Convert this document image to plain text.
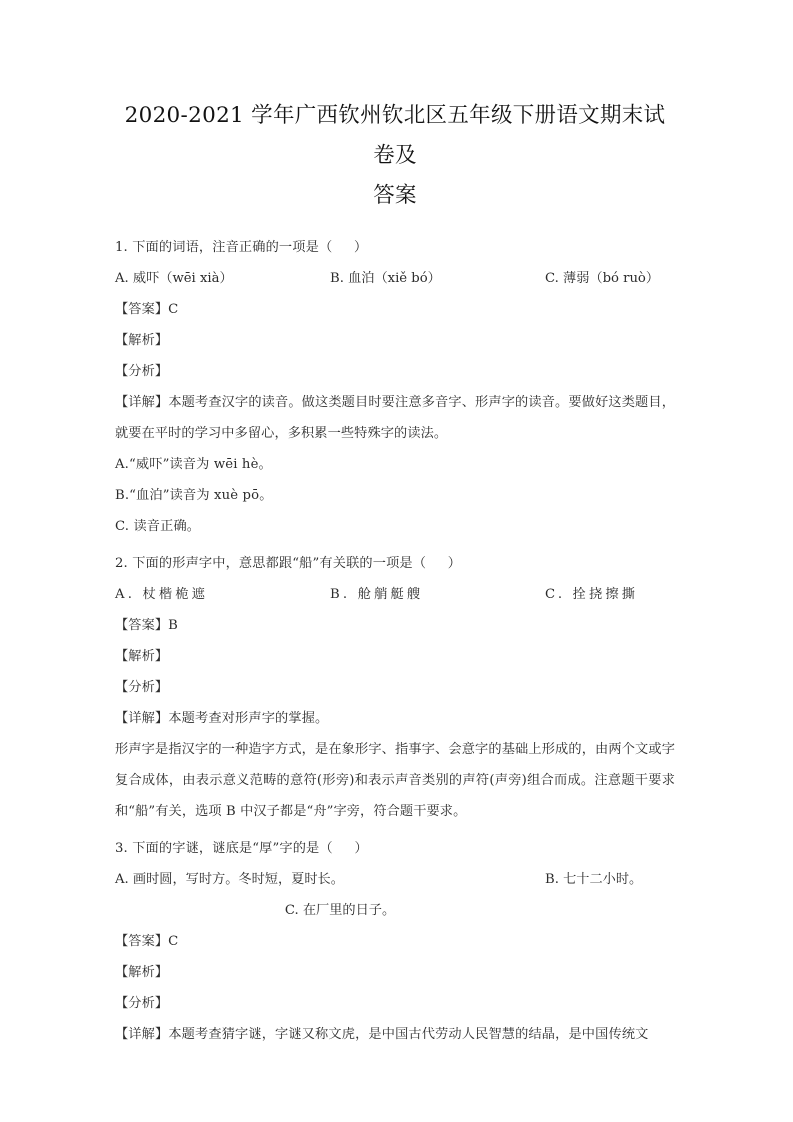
2020-2021 学年广西钦州钦北区五年级下册语文期末试卷及
答案
1. 下面的词语，注音正确的一项是（     ）
A. 威吓（wēi xià）	B. 血泊（xiě bó）	C. 薄弱（bó ruò）
【答案】C
【解析】
【分析】
【详解】本题考查汉字的读音。做这类题目时要注意多音字、形声字的读音。要做好这类题目，就要在平时的学习中多留心，多积累一些特殊字的读法。
A.“威吓”读音为 wēi hè。
B.“血泊”读音为 xuè pō。
C. 读音正确。
2. 下面的形声字中，意思都跟“船”有关联的一项是（     ）
A. 杖楷桅遮	B. 舱艄艇艘	C. 拴挠擦撕
【答案】B
【解析】
【分析】
【详解】本题考查对形声字的掌握。
形声字是指汉字的一种造字方式，是在象形字、指事字、会意字的基础上形成的，由两个文或字复合成体，由表示意义范畴的意符(形旁)和表示声音类别的声符(声旁)组合而成。注意题干要求和“船”有关，选项 B 中汉子都是“舟”字旁，符合题干要求。
3. 下面的字谜，谜底是“厚”字的是（     ）
A. 画时圆，写时方。冬时短，夏时长。	B. 七十二小时。
C. 在厂里的日子。
【答案】C
【解析】
【分析】
【详解】本题考查猜字谜，字谜又称文虎，是中国古代劳动人民智慧的结晶，是中国传统文
